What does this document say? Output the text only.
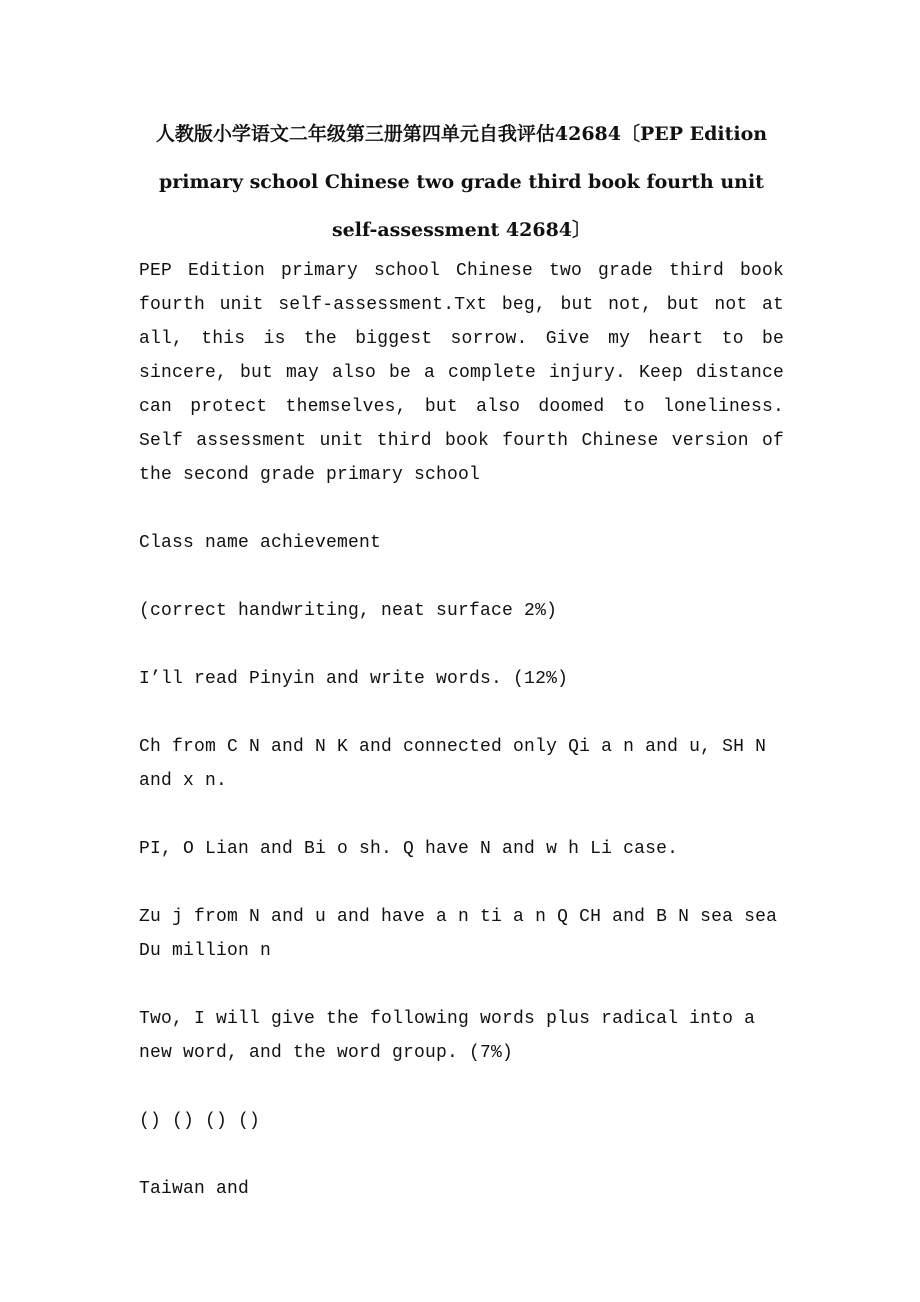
人教版小学语文二年级第三册第四单元自我评估42684〔PEP Edition primary school Chinese two grade third book fourth unit self-assessment 42684〕

PEP Edition primary school Chinese two grade third book fourth unit self-assessment.Txt beg, but not, but not at all, this is the biggest sorrow. Give my heart to be sincere, but may also be a complete injury. Keep distance can protect themselves, but also doomed to loneliness. Self assessment unit third book fourth Chinese version of the second grade primary school

Class name achievement

(correct handwriting, neat surface 2%)

I’ll read Pinyin and write words. (12%)

Ch from C N and N K and connected only Qi a n and u, SH N and x n.

PI, O Lian and Bi o sh. Q have N and w h Li case.

Zu j from N and u and have a n ti a n Q CH and B N sea sea Du million n

Two, I will give the following words plus radical into a new word, and the word group. (7%)

() () () ()

Taiwan and
